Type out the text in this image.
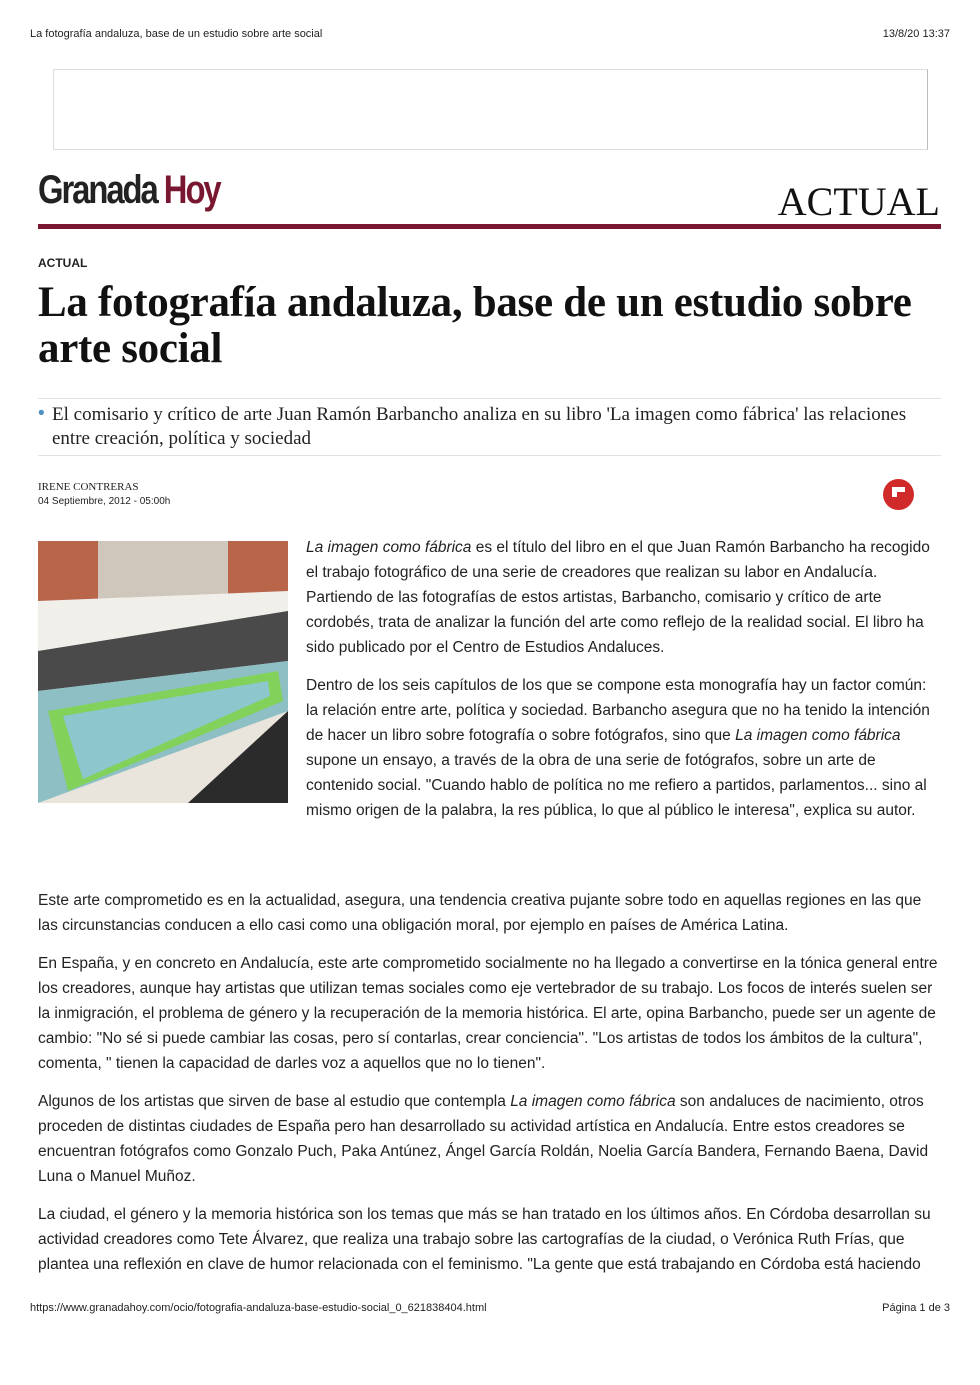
La fotografía andaluza, base de un estudio sobre arte social	13/8/20 13:37
Granada Hoy	ACTUAL
ACTUAL
La fotografía andaluza, base de un estudio sobre arte social
• El comisario y crítico de arte Juan Ramón Barbancho analiza en su libro 'La imagen como fábrica' las relaciones entre creación, política y sociedad
IRENE CONTRERAS
04 Septiembre, 2012 - 05:00h

La imagen como fábrica es el título del libro en el que Juan Ramón Barbancho ha recogido el trabajo fotográfico de una serie de creadores que realizan su labor en Andalucía. Partiendo de las fotografías de estos artistas, Barbancho, comisario y crítico de arte cordobés, trata de analizar la función del arte como reflejo de la realidad social. El libro ha sido publicado por el Centro de Estudios Andaluces.

Dentro de los seis capítulos de los que se compone esta monografía hay un factor común: la relación entre arte, política y sociedad. Barbancho asegura que no ha tenido la intención de hacer un libro sobre fotografía o sobre fotógrafos, sino que La imagen como fábrica supone un ensayo, a través de la obra de una serie de fotógrafos, sobre un arte de contenido social. "Cuando hablo de política no me refiero a partidos, parlamentos... sino al mismo origen de la palabra, la res pública, lo que al público le interesa", explica su autor.

Este arte comprometido es en la actualidad, asegura, una tendencia creativa pujante sobre todo en aquellas regiones en las que las circunstancias conducen a ello casi como una obligación moral, por ejemplo en países de América Latina.

En España, y en concreto en Andalucía, este arte comprometido socialmente no ha llegado a convertirse en la tónica general entre los creadores, aunque hay artistas que utilizan temas sociales como eje vertebrador de su trabajo. Los focos de interés suelen ser la inmigración, el problema de género y la recuperación de la memoria histórica. El arte, opina Barbancho, puede ser un agente de cambio: "No sé si puede cambiar las cosas, pero sí contarlas, crear conciencia". "Los artistas de todos los ámbitos de la cultura", comenta, " tienen la capacidad de darles voz a aquellos que no lo tienen".

Algunos de los artistas que sirven de base al estudio que contempla La imagen como fábrica son andaluces de nacimiento, otros proceden de distintas ciudades de España pero han desarrollado su actividad artística en Andalucía. Entre estos creadores se encuentran fotógrafos como Gonzalo Puch, Paka Antúnez, Ángel García Roldán, Noelia García Bandera, Fernando Baena, David Luna o Manuel Muñoz.

La ciudad, el género y la memoria histórica son los temas que más se han tratado en los últimos años. En Córdoba desarrollan su actividad creadores como Tete Álvarez, que realiza una trabajo sobre las cartografías de la ciudad, o Verónica Ruth Frías, que plantea una reflexión en clave de humor relacionada con el feminismo. "La gente que está trabajando en Córdoba está haciendo

https://www.granadahoy.com/ocio/fotografia-andaluza-base-estudio-social_0_621838404.html	Página 1 de 3
